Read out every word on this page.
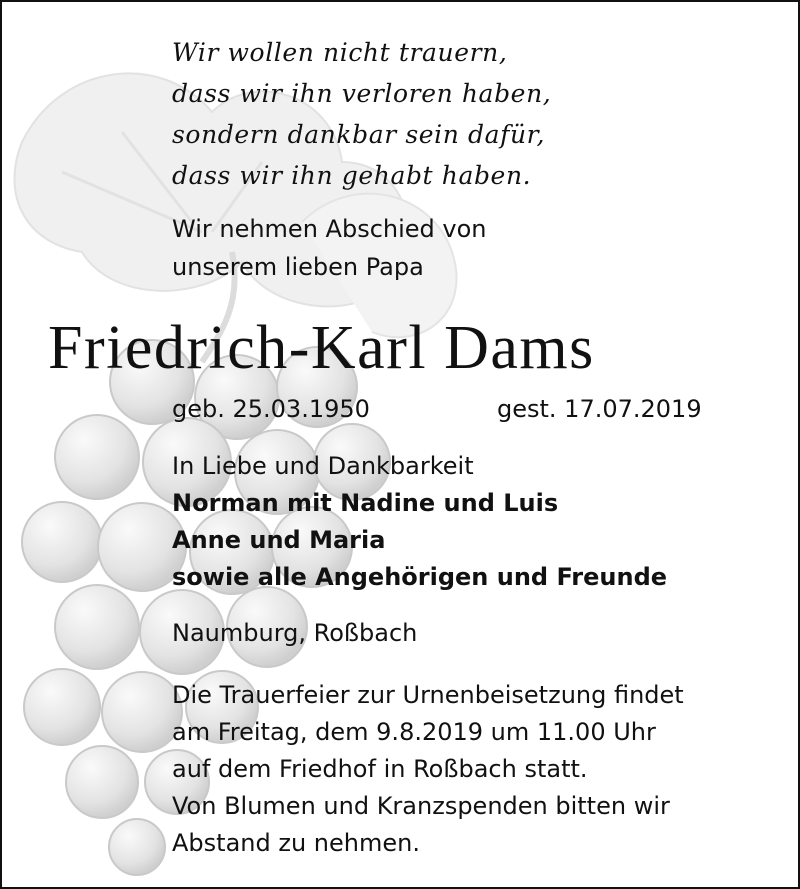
Wir wollen nicht trauern,
dass wir ihn verloren haben,
sondern dankbar sein dafür,
dass wir ihn gehabt haben.
Wir nehmen Abschied von
unserem lieben Papa
Friedrich-Karl Dams
geb. 25.03.1950	gest. 17.07.2019
In Liebe und Dankbarkeit
Norman mit Nadine und Luis
Anne und Maria
sowie alle Angehörigen und Freunde
Naumburg, Roßbach
Die Trauerfeier zur Urnenbeisetzung findet
am Freitag, dem 9.8.2019 um 11.00 Uhr
auf dem Friedhof in Roßbach statt.
Von Blumen und Kranzspenden bitten wir
Abstand zu nehmen.
